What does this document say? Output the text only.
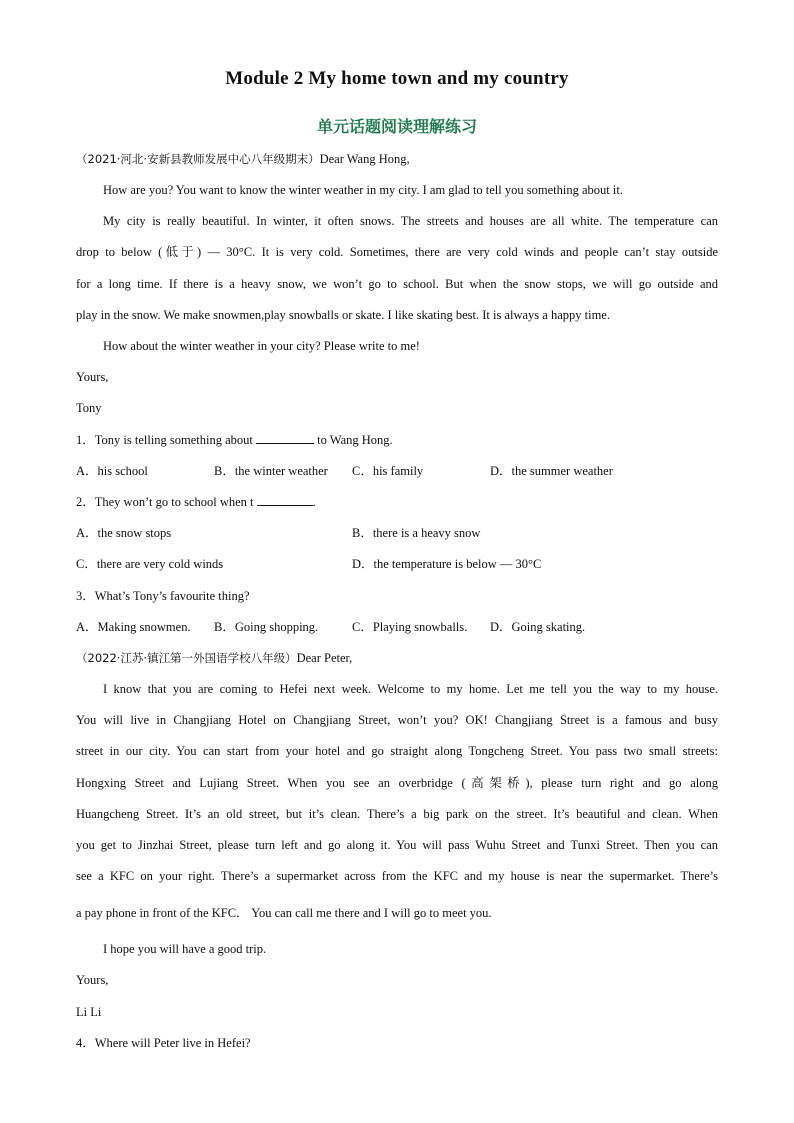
Module 2 My home town and my country
单元话题阅读理解练习
（2021·河北·安新县教师发展中心八年级期末）Dear Wang Hong,
How are you? You want to know the winter weather in my city. I am glad to tell you something about it.
My city is really beautiful. In winter, it often snows. The streets and houses are all white. The temperature can
drop to below (低于) — 30°C. It is very cold. Sometimes, there are very cold winds and people can’t stay outside
for a long time. If there is a heavy snow, we won’t go to school. But when the snow stops, we will go outside and
play in the snow. We make snowmen,play snowballs or skate. I like skating best. It is always a happy time.
How about the winter weather in your city? Please write to me!
Yours,
Tony
1．Tony is telling something about	to Wang Hong.
A．his school	B．the winter weather C．his family	D．the summer weather
2．They won’t go to school when t	.
A．the snow stops	B．there is a heavy snow
C．there are very cold winds	D．the temperature is below — 30°C
3．What’s Tony’s favourite thing?
A．Making snowmen. B．Going shopping.	C．Playing snowballs. D．Going skating.
（2022·江苏·镇江第一外国语学校八年级）Dear Peter,
I know that you are coming to Hefei next week. Welcome to my home. Let me tell you the way to my house.
You will live in Changjiang Hotel on Changjiang Street, won’t you? OK! Changjiang Street is a famous and busy
street in our city. You can start from your hotel and go straight along Tongcheng Street. You pass two small streets:
Hongxing Street and Lujiang Street. When you see an overbridge (高架桥), please turn right and go along
Huangcheng Street. It’s an old street, but it’s clean. There’s a big park on the street. It’s beautiful and clean. When
you get to Jinzhai Street, please turn left and go along it. You will pass Wuhu Street and Tunxi Street. Then you can
see a KFC on your right. There’s a supermarket across from the KFC and my house is near the supermarket. There’s
a pay phone in front of the KFC． You can call me there and I will go to meet you.
I hope you will have a good trip.
Yours,
Li Li
4．Where will Peter live in Hefei?
